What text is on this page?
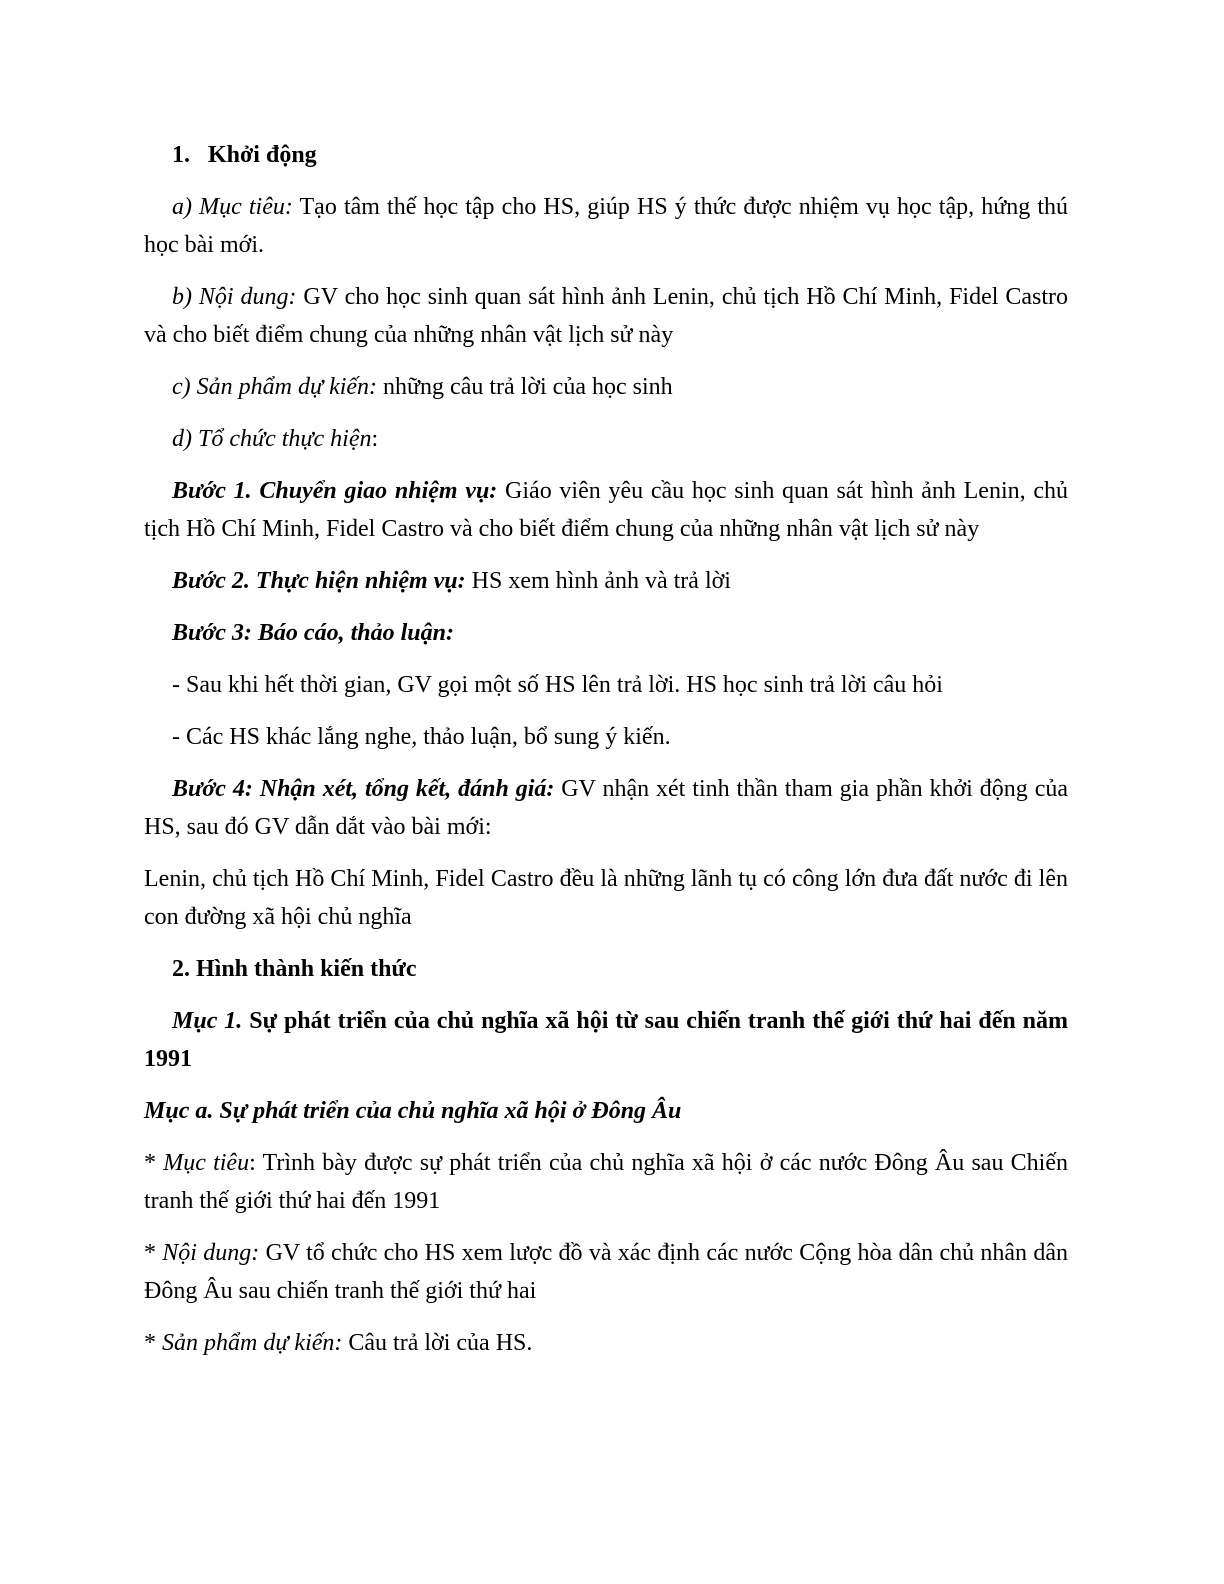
1. Khởi động

a) Mục tiêu: Tạo tâm thế học tập cho HS, giúp HS ý thức được nhiệm vụ học tập, hứng thú học bài mới.

b) Nội dung: GV cho học sinh quan sát hình ảnh Lenin, chủ tịch Hồ Chí Minh, Fidel Castro và cho biết điểm chung của những nhân vật lịch sử này

c) Sản phẩm dự kiến: những câu trả lời của học sinh

d) Tổ chức thực hiện:

Bước 1. Chuyển giao nhiệm vụ: Giáo viên yêu cầu học sinh quan sát hình ảnh Lenin, chủ tịch Hồ Chí Minh, Fidel Castro và cho biết điểm chung của những nhân vật lịch sử này

Bước 2. Thực hiện nhiệm vụ: HS xem hình ảnh và trả lời

Bước 3: Báo cáo, thảo luận:

- Sau khi hết thời gian, GV gọi một số HS lên trả lời. HS học sinh trả lời câu hỏi

- Các HS khác lắng nghe, thảo luận, bổ sung ý kiến.

Bước 4: Nhận xét, tổng kết, đánh giá: GV nhận xét tinh thần tham gia phần khởi động của HS, sau đó GV dẫn dắt vào bài mới:

Lenin, chủ tịch Hồ Chí Minh, Fidel Castro đều là những lãnh tụ có công lớn đưa đất nước đi lên con đường xã hội chủ nghĩa

2. Hình thành kiến thức

Mục 1. Sự phát triển của chủ nghĩa xã hội từ sau chiến tranh thế giới thứ hai đến năm 1991

Mục a. Sự phát triển của chủ nghĩa xã hội ở Đông Âu

* Mục tiêu: Trình bày được sự phát triển của chủ nghĩa xã hội ở các nước Đông Âu sau Chiến tranh thế giới thứ hai đến 1991

* Nội dung: GV tổ chức cho HS xem lược đồ và xác định các nước Cộng hòa dân chủ nhân dân Đông Âu sau chiến tranh thế giới thứ hai

* Sản phẩm dự kiến: Câu trả lời của HS.
